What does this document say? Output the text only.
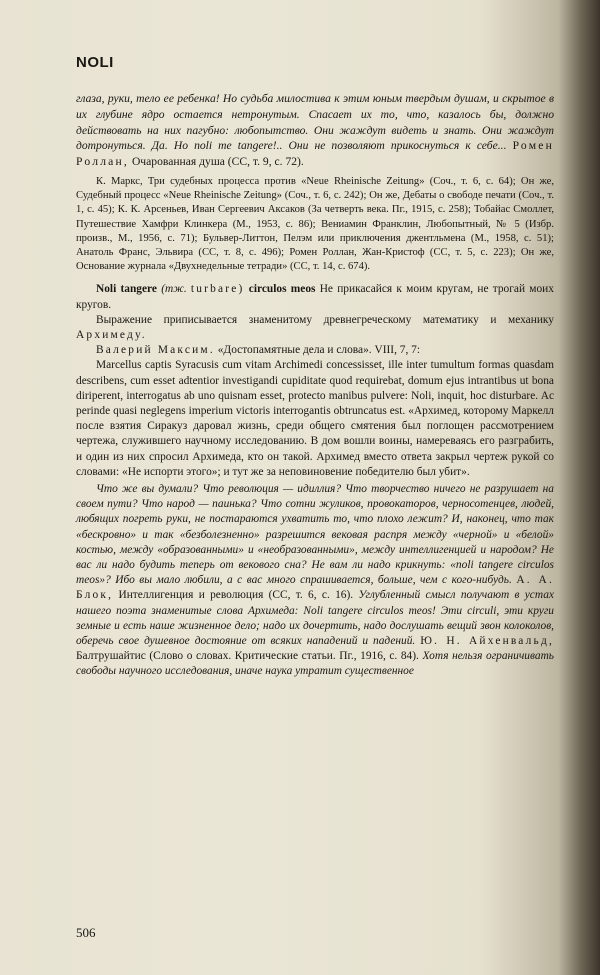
NOLI

глаза, руки, тело ее ребенка! Но судьба милостива к этим юным твердым душам, и скрытое в их глубине ядро остается нетронутым. Спасает их то, что, казалось бы, должно действовать на них пагубно: любопытство. Они жаждут видеть и знать. Они жаждут дотронуться. Да. Но noli me tangere!.. Они не позволяют прикоснуться к себе... Ромен Роллан, Очарованная душа (СС, т. 9, с. 72).

К. Маркс, Три судебных процесса против «Neue Rheinische Zeitung» (Соч., т. 6, с. 64); Он же, Судебный процесс «Neue Rheinische Zeitung» (Соч., т. 6, с. 242); Он же, Дебаты о свободе печати (Соч., т. 1, с. 45); К. К. Арсеньев, Иван Сергеевич Аксаков (За четверть века. Пг., 1915, с. 258); Тобайас Смоллет, Путешествие Хамфри Клинкера (М., 1953, с. 86); Вениамин Франклин, Любопытный, № 5 (Избр. произв., М., 1956, с. 71); Бульвер-Литтон, Пелэм или приключения джентльмена (М., 1958, с. 51); Анатоль Франс, Эльвира (СС, т. 8, с. 496); Ромен Роллан, Жан-Кристоф (СС, т. 5, с. 223); Он же, Основание журнала «Двухнедельные тетради» (СС, т. 14, с. 674).

Noli tangere (тж. turbare) circulos meos Не прикасайся к моим кругам, не трогай моих кругов.

Выражение приписывается знаменитому древнегреческому математику и механику Архимеду.

Валерий Максим. «Достопамятные дела и слова». VIII, 7, 7:

Marcellus captis Syracusis cum vitam Archimedi concessisset, ille inter tumultum formas quasdam describens, cum esset adtentior investigandi cupiditate quod requirebat, domum ejus intrantibus ut bona diriperent, interrogatus ab uno quisnam esset, protecto manibus pulvere: Noli, inquit, hoc disturbare. Ac perinde quasi neglegens imperium victoris interrogantis obtruncatus est. «Архимед, которому Маркелл после взятия Сиракуз даровал жизнь, среди общего смятения был поглощен рассмотрением чертежа, служившего научному исследованию. В дом вошли воины, намереваясь его разграбить, и один из них спросил Архимеда, кто он такой. Архимед вместо ответа закрыл чертеж рукой со словами: «Не испорти этого»; и тут же за неповиновение победителю был убит».

Что же вы думали? Что революция — идиллия? Что творчество ничего не разрушает на своем пути? Что народ — паинька? Что сотни жуликов, провокаторов, черносотенцев, людей, любящих погреть руки, не постараются ухватить то, что плохо лежит? И, наконец, что так «бескровно» и так «безболезненно» разрешится вековая распря между «черной» и «белой» костью, между «образованными» и «необразованными», между интеллигенцией и народом? Не вас ли надо будить теперь от векового сна? Не вам ли надо крикнуть: «noli tangere circulos meos»? Ибо вы мало любили, а с вас много спрашивается, больше, чем с кого-нибудь. А. А. Блок, Интеллигенция и революция (СС, т. 6, с. 16). Углубленный смысл получают в устах нашего поэта знаменитые слова Архимеда: Noli tangere circulos meos! Эти circuli, эти круги земные и есть наше жизненное дело; надо их дочертить, надо дослушать вещий звон колоколов, оберечь свое душевное достояние от всяких нападений и падений. Ю. Н. Айхенвальд, Балтрушайтис (Слово о словах. Критические статьи. Пг., 1916, с. 84). Хотя нельзя ограничивать свободы научного исследования, иначе наука утратит существенное

506
